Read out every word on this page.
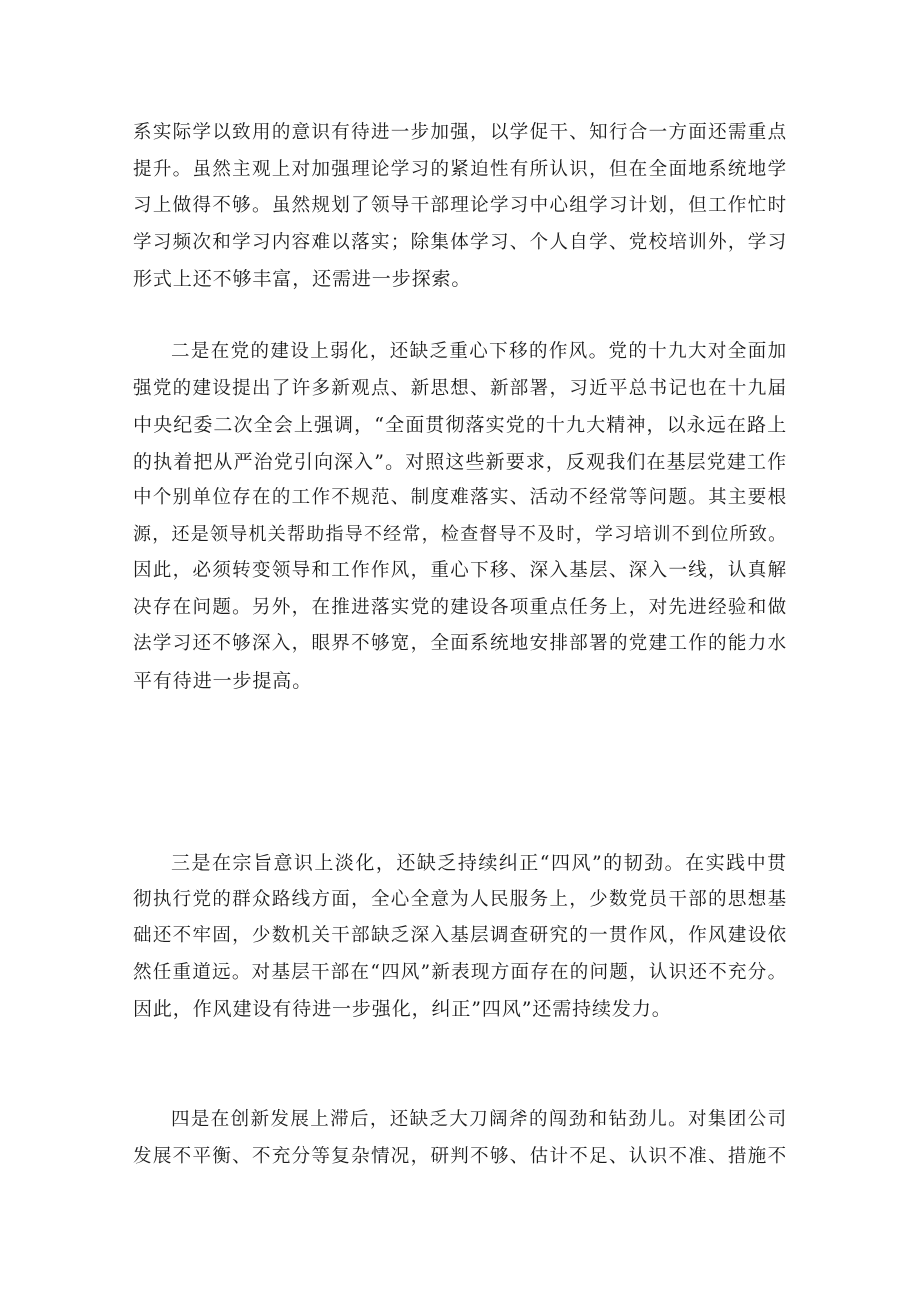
系实际学以致用的意识有待进一步加强，以学促干、知行合一方面还需重点
提升。虽然主观上对加强理论学习的紧迫性有所认识，但在全面地系统地学
习上做得不够。虽然规划了领导干部理论学习中心组学习计划，但工作忙时
学习频次和学习内容难以落实；除集体学习、个人自学、党校培训外，学习
形式上还不够丰富，还需进一步探索。
二是在党的建设上弱化，还缺乏重心下移的作风。党的十九大对全面加
强党的建设提出了许多新观点、新思想、新部署，习近平总书记也在十九届
中央纪委二次全会上强调，“全面贯彻落实党的十九大精神，以永远在路上
的执着把从严治党引向深入”。对照这些新要求，反观我们在基层党建工作
中个别单位存在的工作不规范、制度难落实、活动不经常等问题。其主要根
源，还是领导机关帮助指导不经常，检查督导不及时，学习培训不到位所致。
因此，必须转变领导和工作作风，重心下移、深入基层、深入一线，认真解
决存在问题。另外，在推进落实党的建设各项重点任务上，对先进经验和做
法学习还不够深入，眼界不够宽，全面系统地安排部署的党建工作的能力水
平有待进一步提高。
三是在宗旨意识上淡化，还缺乏持续纠正“四风”的韧劲。在实践中贯
彻执行党的群众路线方面，全心全意为人民服务上，少数党员干部的思想基
础还不牢固，少数机关干部缺乏深入基层调查研究的一贯作风，作风建设依
然任重道远。对基层干部在“四风”新表现方面存在的问题，认识还不充分。
因此，作风建设有待进一步强化，纠正”四风”还需持续发力。
四是在创新发展上滞后，还缺乏大刀阔斧的闯劲和钻劲儿。对集团公司
发展不平衡、不充分等复杂情况，研判不够、估计不足、认识不准、措施不
